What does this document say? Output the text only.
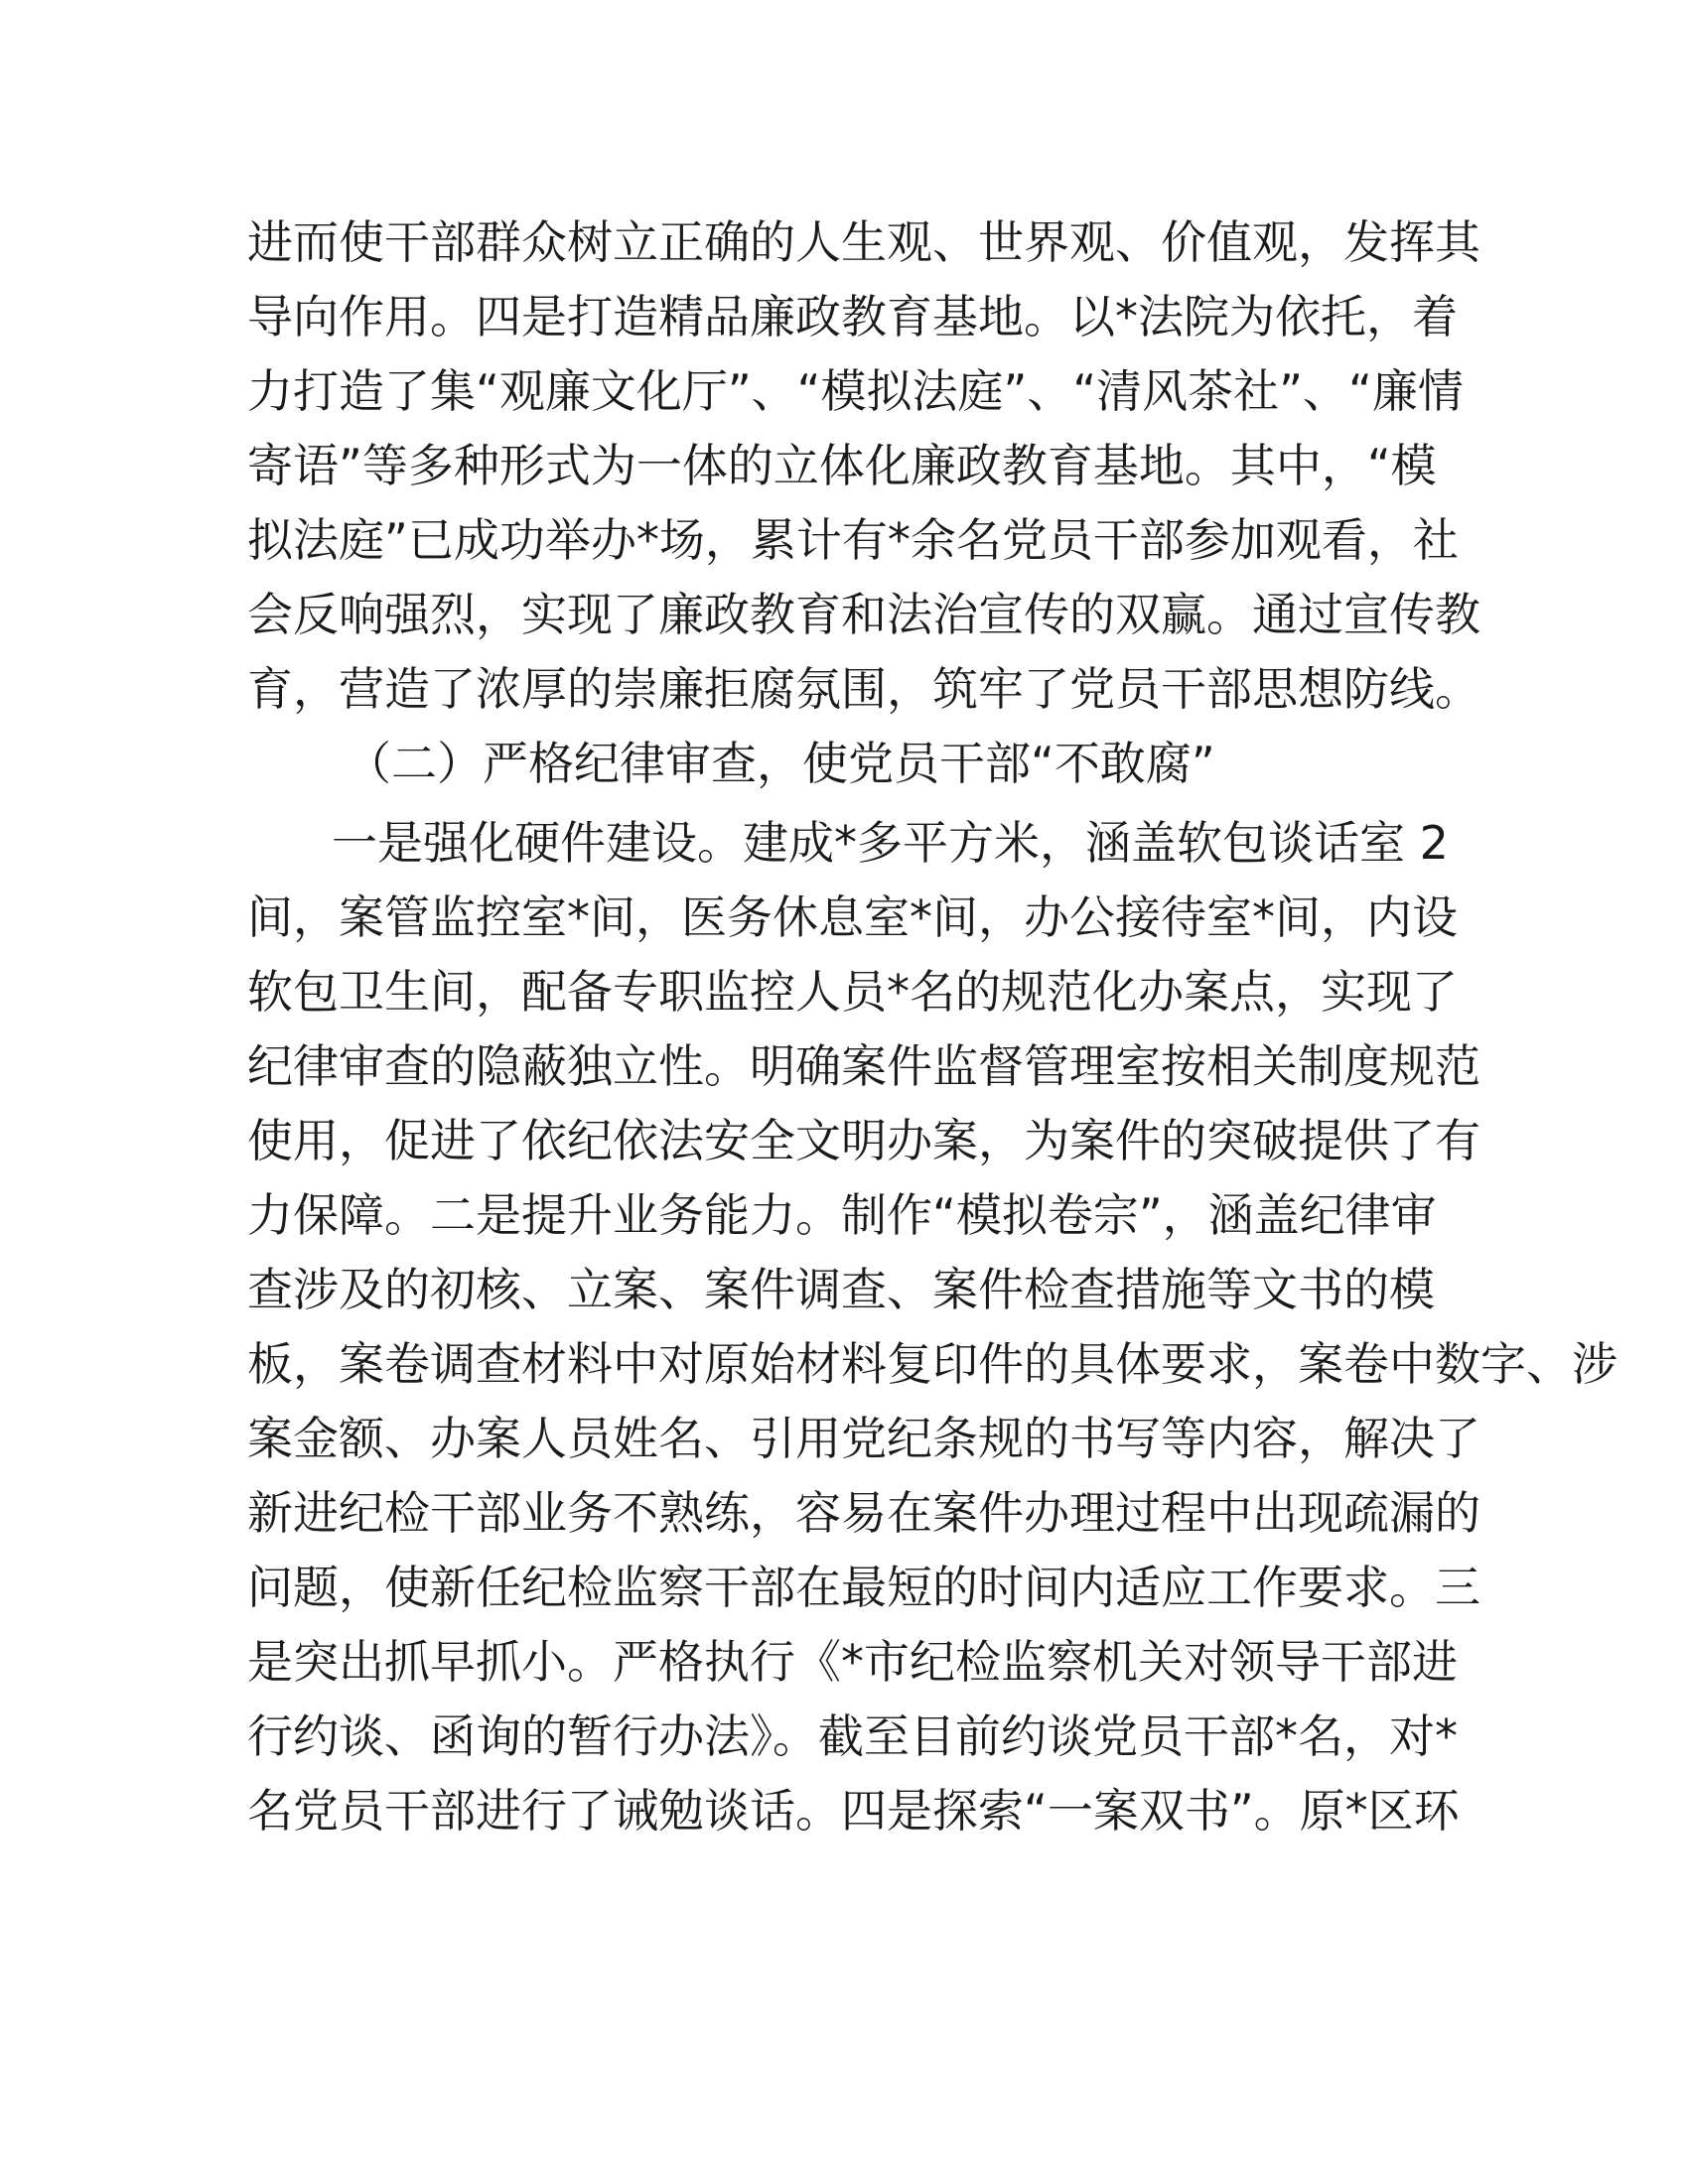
进而使干部群众树立正确的人生观、世界观、价值观，发挥其
导向作用。四是打造精品廉政教育基地。以*法院为依托，着
力打造了集“观廉文化厅”、“模拟法庭”、“清风茶社”、“廉情
寄语”等多种形式为一体的立体化廉政教育基地。其中，“模
拟法庭”已成功举办*场，累计有*余名党员干部参加观看，社
会反响强烈，实现了廉政教育和法治宣传的双赢。通过宣传教
育，营造了浓厚的崇廉拒腐氛围，筑牢了党员干部思想防线。
（二）严格纪律审查，使党员干部“不敢腐”
一是强化硬件建设。建成*多平方米，涵盖软包谈话室 2
间，案管监控室*间，医务休息室*间，办公接待室*间，内设
软包卫生间，配备专职监控人员*名的规范化办案点，实现了
纪律审查的隐蔽独立性。明确案件监督管理室按相关制度规范
使用，促进了依纪依法安全文明办案，为案件的突破提供了有
力保障。二是提升业务能力。制作“模拟卷宗”，涵盖纪律审
查涉及的初核、立案、案件调查、案件检查措施等文书的模
板，案卷调查材料中对原始材料复印件的具体要求，案卷中数字、涉
案金额、办案人员姓名、引用党纪条规的书写等内容，解决了
新进纪检干部业务不熟练，容易在案件办理过程中出现疏漏的
问题，使新任纪检监察干部在最短的时间内适应工作要求。三
是突出抓早抓小。严格执行《*市纪检监察机关对领导干部进
行约谈、函询的暂行办法》。截至目前约谈党员干部*名，对*
名党员干部进行了诫勉谈话。四是探索“一案双书”。原*区环
